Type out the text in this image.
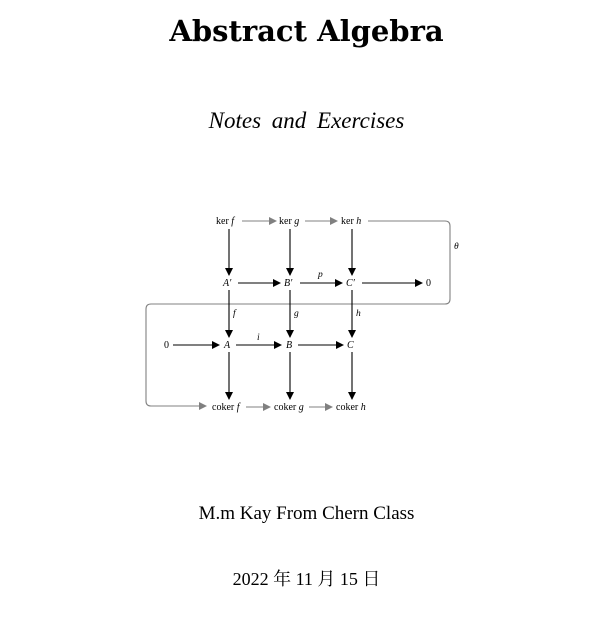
Abstract Algebra
Notes and Exercises
ker f	ker g	ker h
A′	B′	C′	0
0	A	B	C
coker f	coker g	coker h
p
i
f	g	h
θ
M.m Kay From Chern Class
2022 年 11 月 15 日
